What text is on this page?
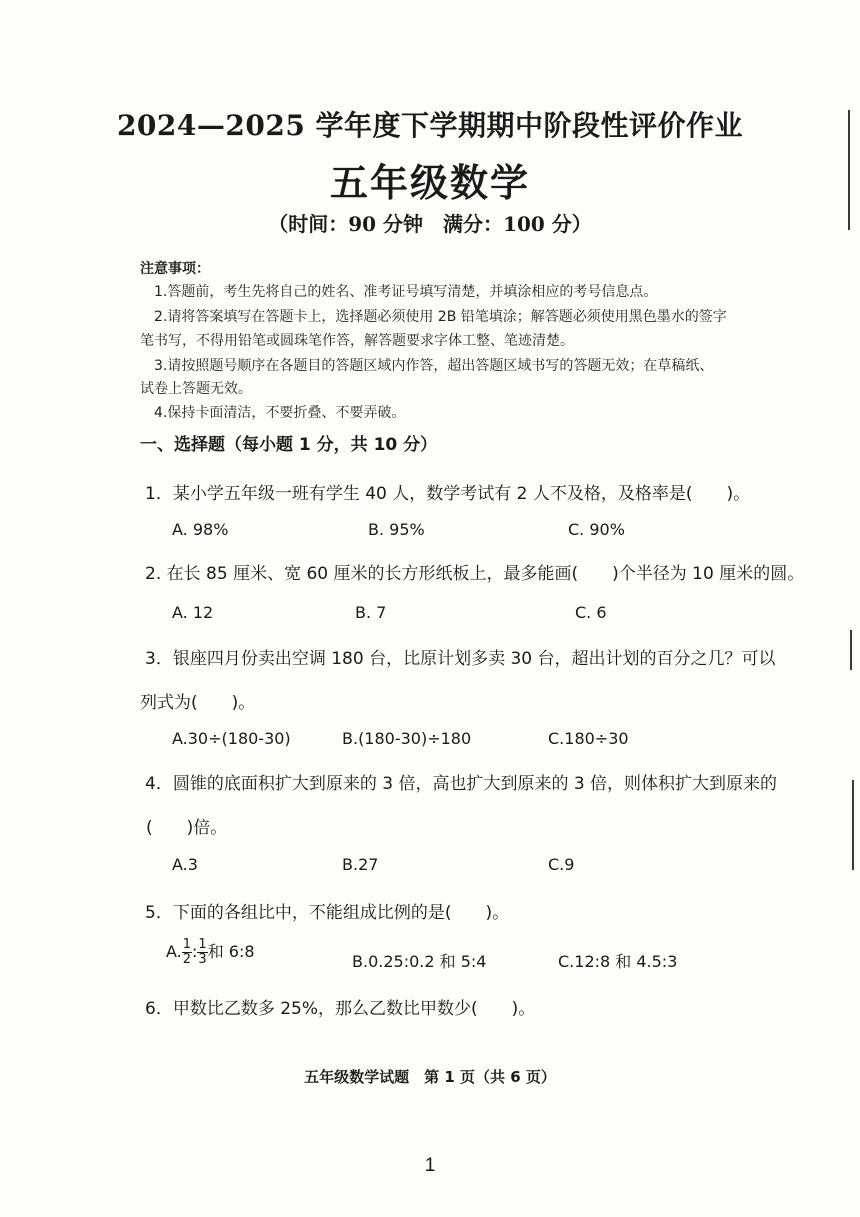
2024—2025 学年度下学期期中阶段性评价作业
五年级数学
（时间：90 分钟　满分：100 分）
注意事项：
1.答题前，考生先将自己的姓名、准考证号填写清楚，并填涂相应的考号信息点。
2.请将答案填写在答题卡上，选择题必须使用 2B 铅笔填涂；解答题必须使用黑色墨水的签字
笔书写，不得用铅笔或圆珠笔作答，解答题要求字体工整、笔迹清楚。
3.请按照题号顺序在各题目的答题区域内作答，超出答题区域书写的答题无效；在草稿纸、
试卷上答题无效。
4.保持卡面清洁，不要折叠、不要弄破。
一、选择题（每小题 1 分，共 10 分）
1．某小学五年级一班有学生 40 人，数学考试有 2 人不及格，及格率是(　　)。
A. 98%	B. 95%	C. 90%
2. 在长 85 厘米、宽 60 厘米的长方形纸板上，最多能画(　　)个半径为 10 厘米的圆。
A. 12	B. 7	C. 6
3．银座四月份卖出空调 180 台，比原计划多卖 30 台，超出计划的百分之几？可以
列式为(　　)。
A.30÷(180-30)	B.(180-30)÷180	C.180÷30
4．圆锥的底面积扩大到原来的 3 倍，高也扩大到原来的 3 倍，则体积扩大到原来的
(　　)倍。
A.3	B.27	C.9
5．下面的各组比中，不能组成比例的是(　　)。
A. $\frac{1}{2}$ : $\frac{1}{3}$ 和 6:8
B.0.25:0.2 和 5:4	C.12:8 和 4.5:3
6．甲数比乙数多 25%，那么乙数比甲数少(　　)。
五年级数学试题　第 1 页（共 6 页）
1
